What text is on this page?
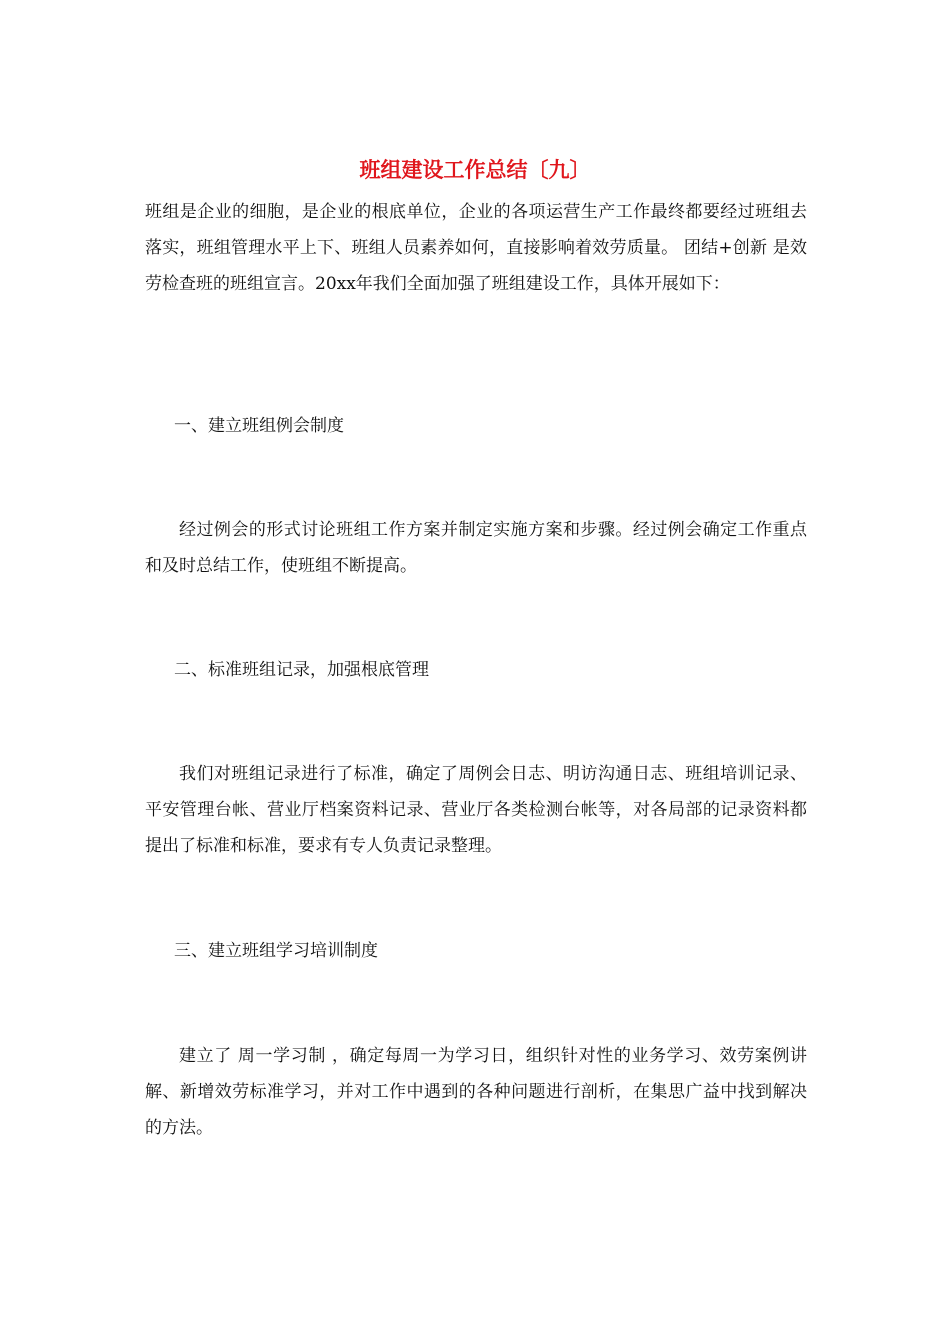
班组建设工作总结〔九〕

班组是企业的细胞，是企业的根底单位，企业的各项运营生产工作最终都要经过班组去落实，班组管理水平上下、班组人员素养如何，直接影响着效劳质量。 团结+创新 是效劳检查班的班组宣言。20xx年我们全面加强了班组建设工作，具体开展如下：

一、建立班组例会制度

经过例会的形式讨论班组工作方案并制定实施方案和步骤。经过例会确定工作重点和及时总结工作，使班组不断提高。

二、标准班组记录，加强根底管理

我们对班组记录进行了标准，确定了周例会日志、明访沟通日志、班组培训记录、平安管理台帐、营业厅档案资料记录、营业厅各类检测台帐等，对各局部的记录资料都提出了标准和标准，要求有专人负责记录整理。

三、建立班组学习培训制度

建立了 周一学习制 ，确定每周一为学习日，组织针对性的业务学习、效劳案例讲解、新增效劳标准学习，并对工作中遇到的各种问题进行剖析，在集思广益中找到解决的方法。
